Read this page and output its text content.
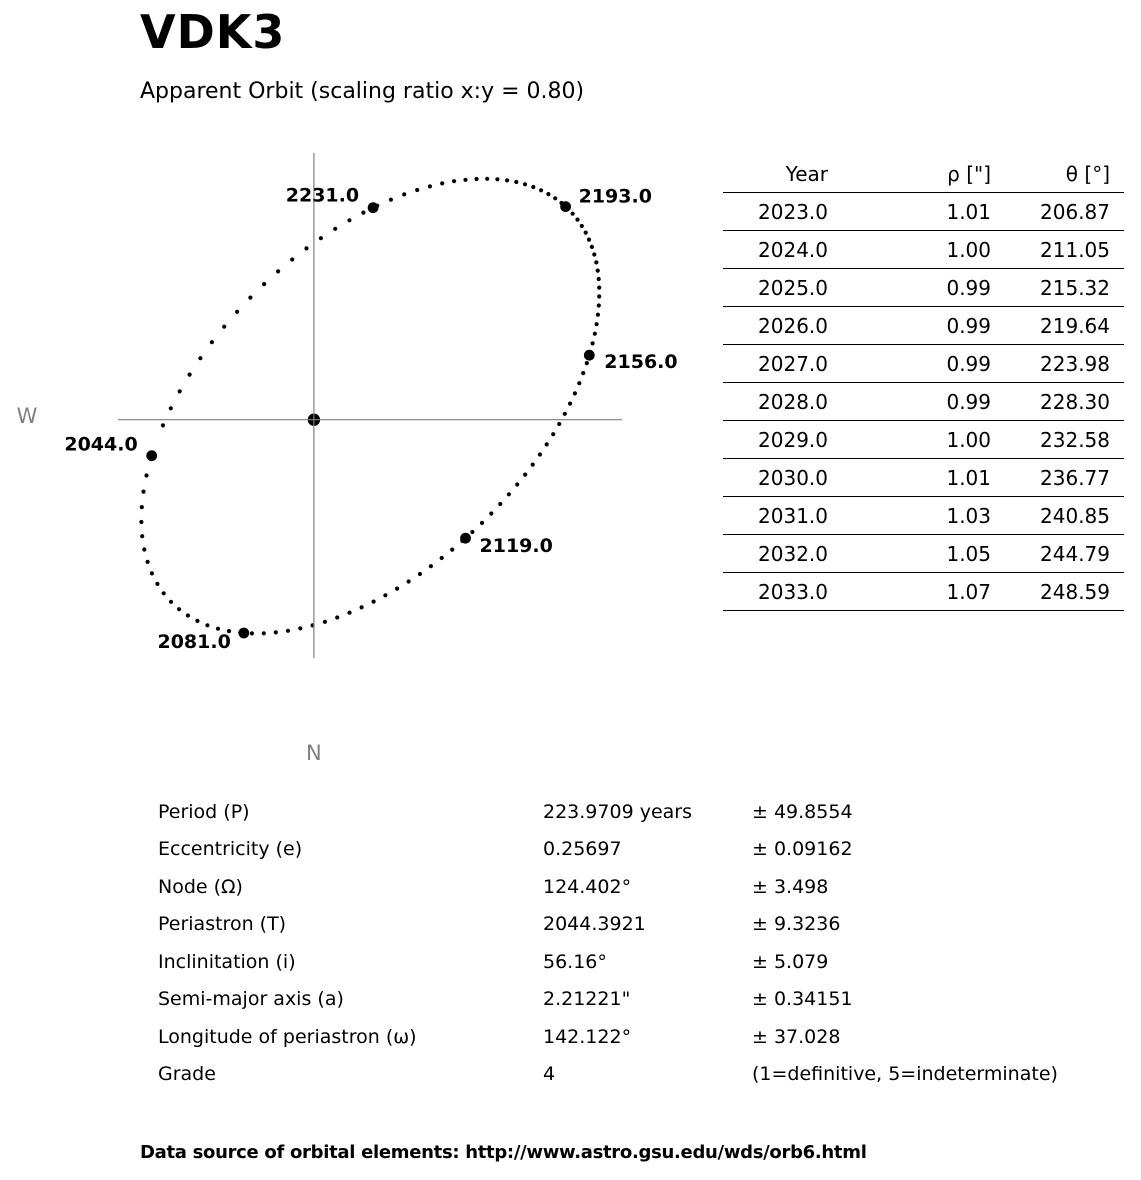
VDK3
Apparent Orbit (scaling ratio x:y = 0.80)
2044.0
2081.0
2119.0
2156.0
2193.0
2231.0
W
N
Year	ρ ["]	θ [°]
2023.0	1.01	206.87
2024.0	1.00	211.05
2025.0	0.99	215.32
2026.0	0.99	219.64
2027.0	0.99	223.98
2028.0	0.99	228.30
2029.0	1.00	232.58
2030.0	1.01	236.77
2031.0	1.03	240.85
2032.0	1.05	244.79
2033.0	1.07	248.59
Period (P)	223.9709 years	± 49.8554
Eccentricity (e)	0.25697	± 0.09162
Node (Ω)	124.402°	± 3.498
Periastron (T)	2044.3921	± 9.3236
Inclinitation (i)	56.16°	± 5.079
Semi-major axis (a)	2.21221"	± 0.34151
Longitude of periastron (ω)	142.122°	± 37.028
Grade	4	(1=definitive, 5=indeterminate)
Data source of orbital elements: http://www.astro.gsu.edu/wds/orb6.html
